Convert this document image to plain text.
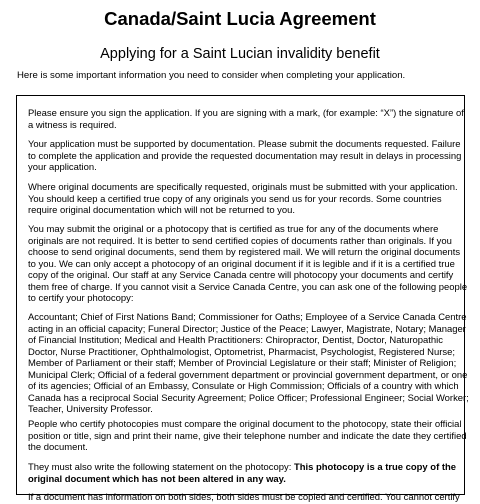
Canada/Saint Lucia Agreement
Applying for a Saint Lucian invalidity benefit
Here is some important information you need to consider when completing your application.

Please ensure you sign the application. If you are signing with a mark, (for example: “X”) the signature of
a witness is required.

Your application must be supported by documentation. Please submit the documents requested. Failure
to complete the application and provide the requested documentation may result in delays in processing
your application.

Where original documents are specifically requested, originals must be submitted with your application.
You should keep a certified true copy of any originals you send us for your records. Some countries
require original documentation which will not be returned to you.

You may submit the original or a photocopy that is certified as true for any of the documents where
originals are not required. It is better to send certified copies of documents rather than originals. If you
choose to send original documents, send them by registered mail. We will return the original documents
to you. We can only accept a photocopy of an original document if it is legible and if it is a certified true
copy of the original. Our staff at any Service Canada centre will photocopy your documents and certify
them free of charge. If you cannot visit a Service Canada Centre, you can ask one of the following people
to certify your photocopy:

Accountant; Chief of First Nations Band; Commissioner for Oaths; Employee of a Service Canada Centre
acting in an official capacity; Funeral Director; Justice of the Peace; Lawyer, Magistrate, Notary; Manager
of Financial Institution; Medical and Health Practitioners: Chiropractor, Dentist, Doctor, Naturopathic
Doctor, Nurse Practitioner, Ophthalmologist, Optometrist, Pharmacist, Psychologist, Registered Nurse;
Member of Parliament or their staff; Member of Provincial Legislature or their staff; Minister of Religion;
Municipal Clerk; Official of a federal government department or provincial government department, or one
of its agencies; Official of an Embassy, Consulate or High Commission; Officials of a country with which
Canada has a reciprocal Social Security Agreement; Police Officer; Professional Engineer; Social Worker;
Teacher, University Professor.

People who certify photocopies must compare the original document to the photocopy, state their official
position or title, sign and print their name, give their telephone number and indicate the date they certified
the document.

They must also write the following statement on the photocopy: This photocopy is a true copy of the
original document which has not been altered in any way.

If a document has information on both sides, both sides must be copied and certified. You cannot certify
